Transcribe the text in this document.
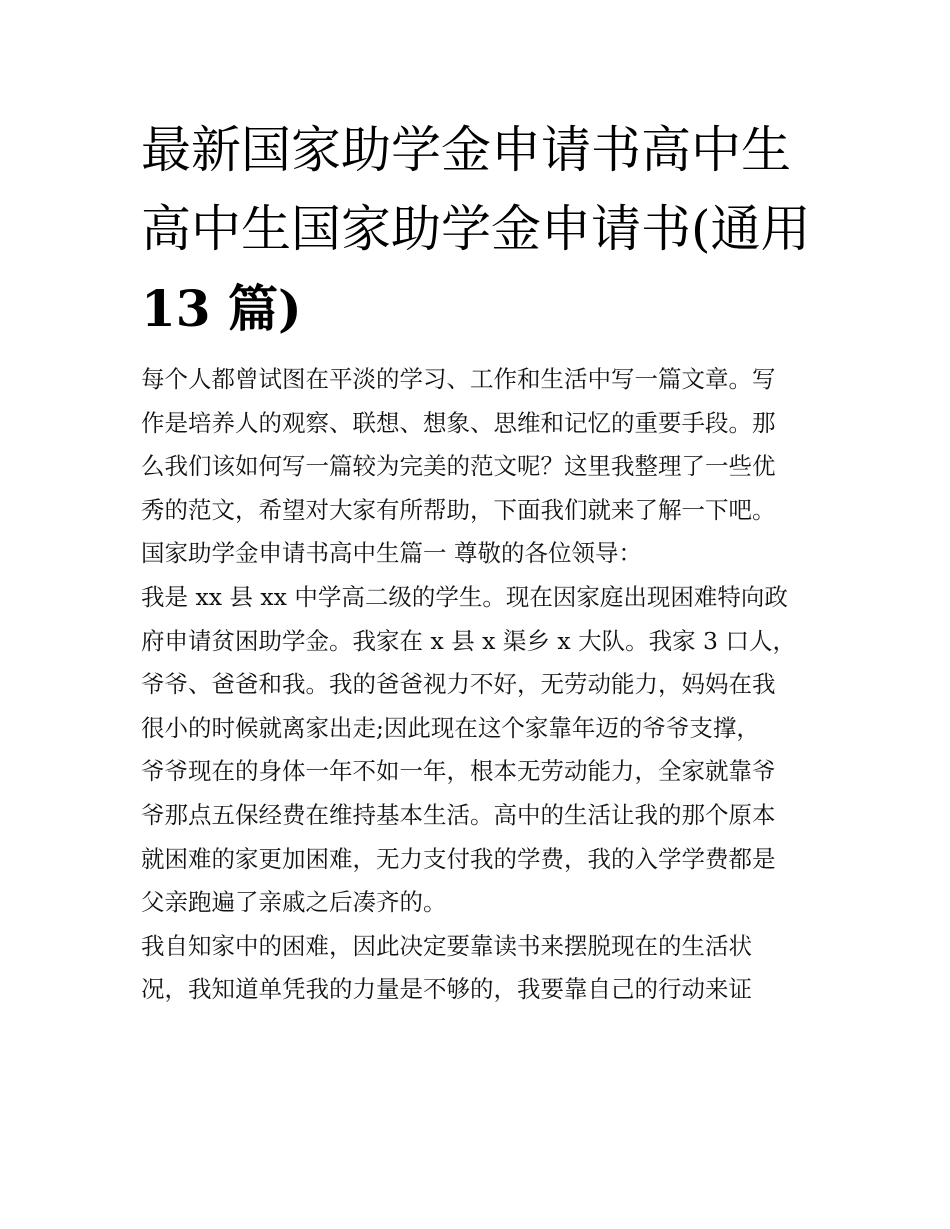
最新国家助学金申请书高中生
高中生国家助学金申请书(通用
13 篇)
每个人都曾试图在平淡的学习、工作和生活中写一篇文章。写
作是培养人的观察、联想、想象、思维和记忆的重要手段。那
么我们该如何写一篇较为完美的范文呢？这里我整理了一些优
秀的范文，希望对大家有所帮助，下面我们就来了解一下吧。
国家助学金申请书高中生篇一 尊敬的各位领导：
我是 xx 县 xx 中学高二级的学生。现在因家庭出现困难特向政
府申请贫困助学金。我家在 x 县 x 渠乡 x 大队。我家 3 口人，
爷爷、爸爸和我。我的爸爸视力不好，无劳动能力，妈妈在我
很小的时候就离家出走;因此现在这个家靠年迈的爷爷支撑，
爷爷现在的身体一年不如一年，根本无劳动能力，全家就靠爷
爷那点五保经费在维持基本生活。高中的生活让我的那个原本
就困难的家更加困难，无力支付我的学费，我的入学学费都是
父亲跑遍了亲戚之后凑齐的。
我自知家中的困难，因此决定要靠读书来摆脱现在的生活状
况，我知道单凭我的力量是不够的，我要靠自己的行动来证
